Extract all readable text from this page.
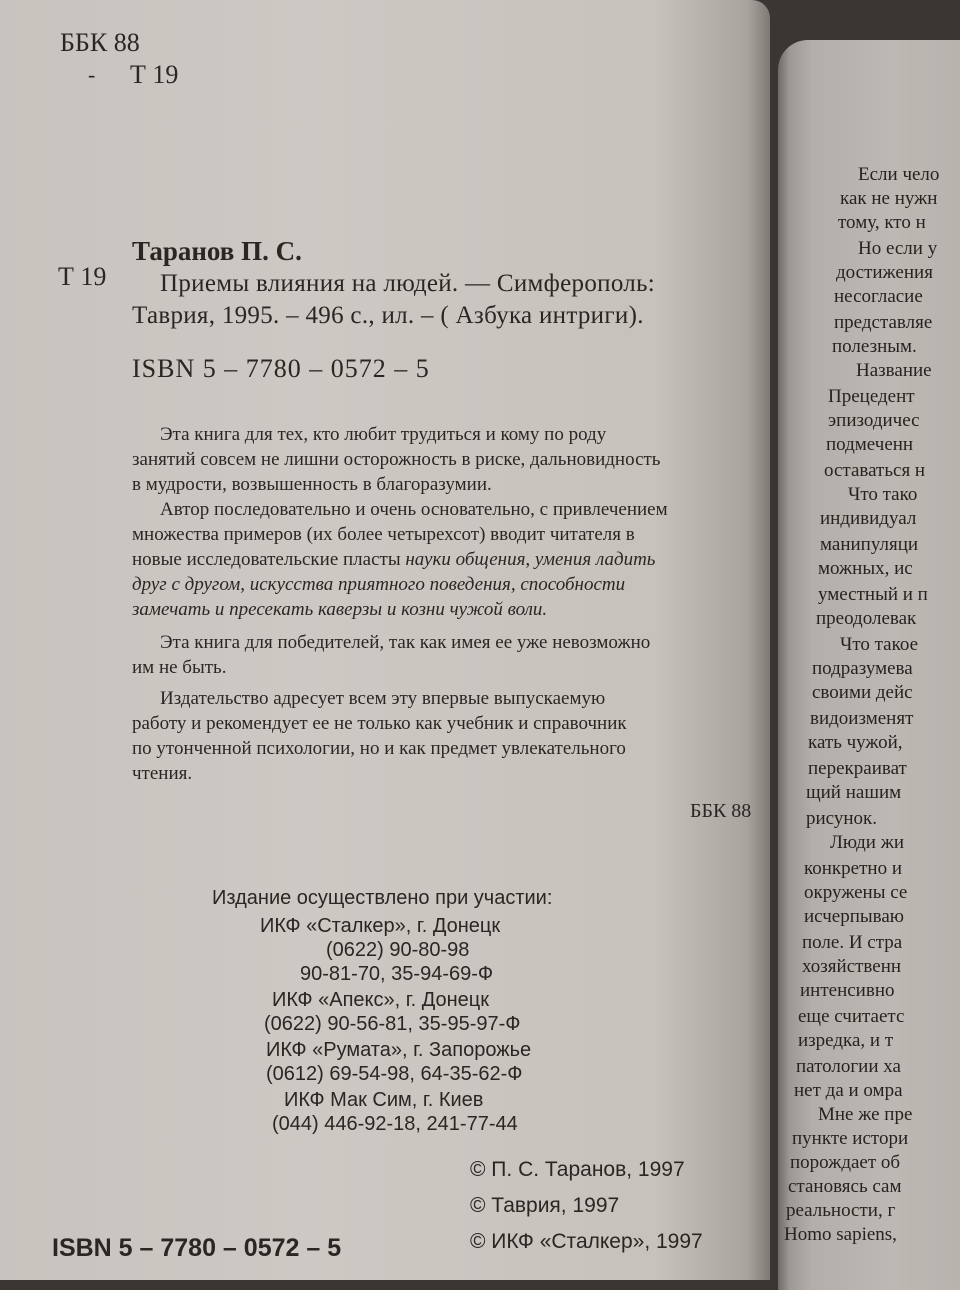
ББК 88
- Т 19
Т 19
Таранов П. С.
Приемы влияния на людей. — Симферополь:
Таврия, 1995. – 496 с., ил. – ( Азбука интриги).
ISBN 5 – 7780 – 0572 – 5

Эта книга для тех, кто любит трудиться и кому по роду

занятий совсем не лишни осторожность в риске, дальновидность

в мудрости, возвышенность в благоразумии.

Автор последовательно и очень основательно, с привлечением

множества примеров (их более четырехсот) вводит читателя в

новые исследовательские пласты науки общения, умения ладить

друг с другом, искусства приятного поведения, способности

замечать и пресекать каверзы и козни чужой воли.

Эта книга для победителей, так как имея ее уже невозможно

им не быть.

Издательство адресует всем эту впервые выпускаемую

работу и рекомендует ее не только как учебник и справочник

по утонченной психологии, но и как предмет увлекательного

чтения.

ББК 88
Издание осуществлено при участии:
ИКФ «Сталкер», г. Донецк
(0622) 90-80-98
90-81-70, 35-94-69-Ф
ИКФ «Апекс», г. Донецк
(0622) 90-56-81, 35-95-97-Ф
ИКФ «Румата», г. Запорожье
(0612) 69-54-98, 64-35-62-Ф
ИКФ Мак Сим, г. Киев
(044) 446-92-18, 241-77-44
© П. С. Таранов, 1997
© Таврия, 1997
© ИКФ «Сталкер», 1997
ISBN 5 – 7780 – 0572 – 5
Если чело
как не нужн
тому, кто н
Но если у
достижения
несогласие
представляе
полезным.
Название
Прецедент
эпизодичес
подмеченн
оставаться н
Что тако
индивидуал
манипуляци
можных, ис
уместный и п
преодолевак
Что такое
подразумева
своими дейс
видоизменят
кать чужой,
перекраиват
щий нашим
рисунок.
Люди жи
конкретно и
окружены се
исчерпываю
поле. И стра
хозяйственн
интенсивно
еще считаетс
изредка, и т
патологии ха
нет да и омра
Мне же пре
пункте истори
порождает об
становясь сам
реальности, г
Homo sapiens,
